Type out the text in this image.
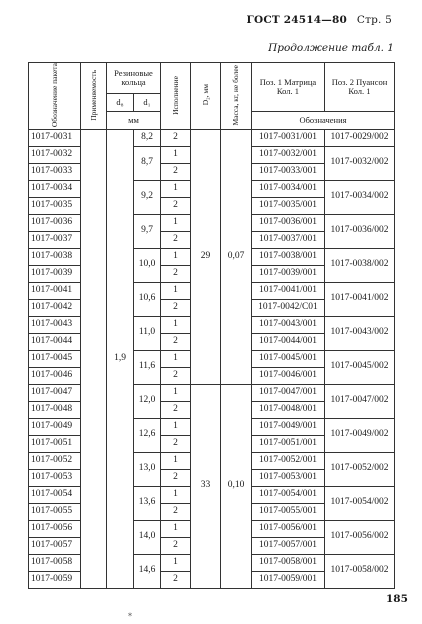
ГОСТ 24514—80 Стр. 5
Продолжение табл. 1
Обозначение пакета	Применяемость	Резиновые кольца		Исполнение	D₂, мм	Масса, кг, не более	Поз. 1 Матрица Кол. 1	Поз. 2 Пуансон Кол. 1
		d₈	d₁					
		мм					Обозначения	
1017-0031		1,9	8,2	2	29	0,07	1017-0031/001	1017-0029/002
1017-0032			8,7	1			1017-0032/001	1017-0032/002
1017-0033				2			1017-0033/001	
1017-0034			9,2	1			1017-0034/001	1017-0034/002
1017-0035				2			1017-0035/001	
1017-0036			9,7	1			1017-0036/001	1017-0036/002
1017-0037				2			1017-0037/001	
1017-0038			10,0	1			1017-0038/001	1017-0038/002
1017-0039				2			1017-0039/001	
1017-0041			10,6	1			1017-0041/001	1017-0041/002
1017-0042				2			1017-0042/C01	
1017-0043			11,0	1			1017-0043/001	1017-0043/002
1017-0044				2			1017-0044/001	
1017-0045			11,6	1			1017-0045/001	1017-0045/002
1017-0046				2			1017-0046/001	
1017-0047			12,0	1	33	0,10	1017-0047/001	1017-0047/002
1017-0048				2			1017-0048/001	
1017-0049			12,6	1			1017-0049/001	1017-0049/002
1017-0051				2			1017-0051/001	
1017-0052			13,0	1			1017-0052/001	1017-0052/002
1017-0053				2			1017-0053/001	
1017-0054			13,6	1			1017-0054/001	1017-0054/002
1017-0055				2			1017-0055/001	
1017-0056			14,0	1			1017-0056/001	1017-0056/002
1017-0057				2			1017-0057/001	
1017-0058			14,6	1			1017-0058/001	1017-0058/002
1017-0059				2			1017-0059/001	
185
*
